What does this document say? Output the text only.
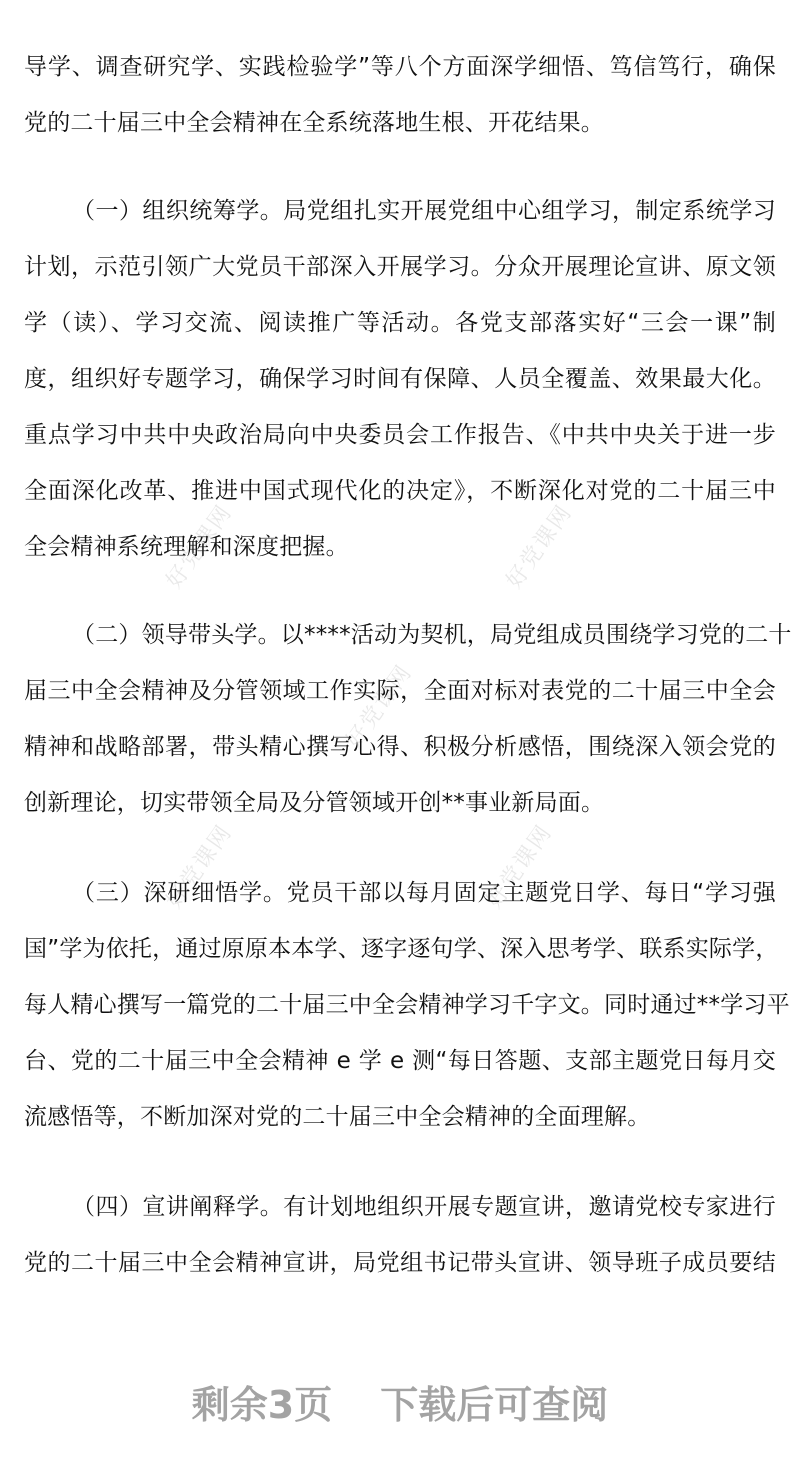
好党课网	好党课网
好党课网
好党课网	好党课网
导学、调查研究学、实践检验学”等八个方面深学细悟、笃信笃行，确保
党的二十届三中全会精神在全系统落地生根、开花结果。
（一）组织统筹学。局党组扎实开展党组中心组学习，制定系统学习
计划，示范引领广大党员干部深入开展学习。分众开展理论宣讲、原文领
学（读）、学习交流、阅读推广等活动。各党支部落实好“三会一课”制
度，组织好专题学习，确保学习时间有保障、人员全覆盖、效果最大化。
重点学习中共中央政治局向中央委员会工作报告、《中共中央关于进一步
全面深化改革、推进中国式现代化的决定》，不断深化对党的二十届三中
全会精神系统理解和深度把握。
（二）领导带头学。以****活动为契机，局党组成员围绕学习党的二十
届三中全会精神及分管领域工作实际，全面对标对表党的二十届三中全会
精神和战略部署，带头精心撰写心得、积极分析感悟，围绕深入领会党的
创新理论，切实带领全局及分管领域开创**事业新局面。
（三）深研细悟学。党员干部以每月固定主题党日学、每日“学习强
国”学为依托，通过原原本本学、逐字逐句学、深入思考学、联系实际学，
每人精心撰写一篇党的二十届三中全会精神学习千字文。同时通过**学习平
台、党的二十届三中全会精神 e 学 e 测“每日答题、支部主题党日每月交
流感悟等，不断加深对党的二十届三中全会精神的全面理解。
（四）宣讲阐释学。有计划地组织开展专题宣讲，邀请党校专家进行
党的二十届三中全会精神宣讲，局党组书记带头宣讲、领导班子成员要结
剩余3页 下载后可查阅
